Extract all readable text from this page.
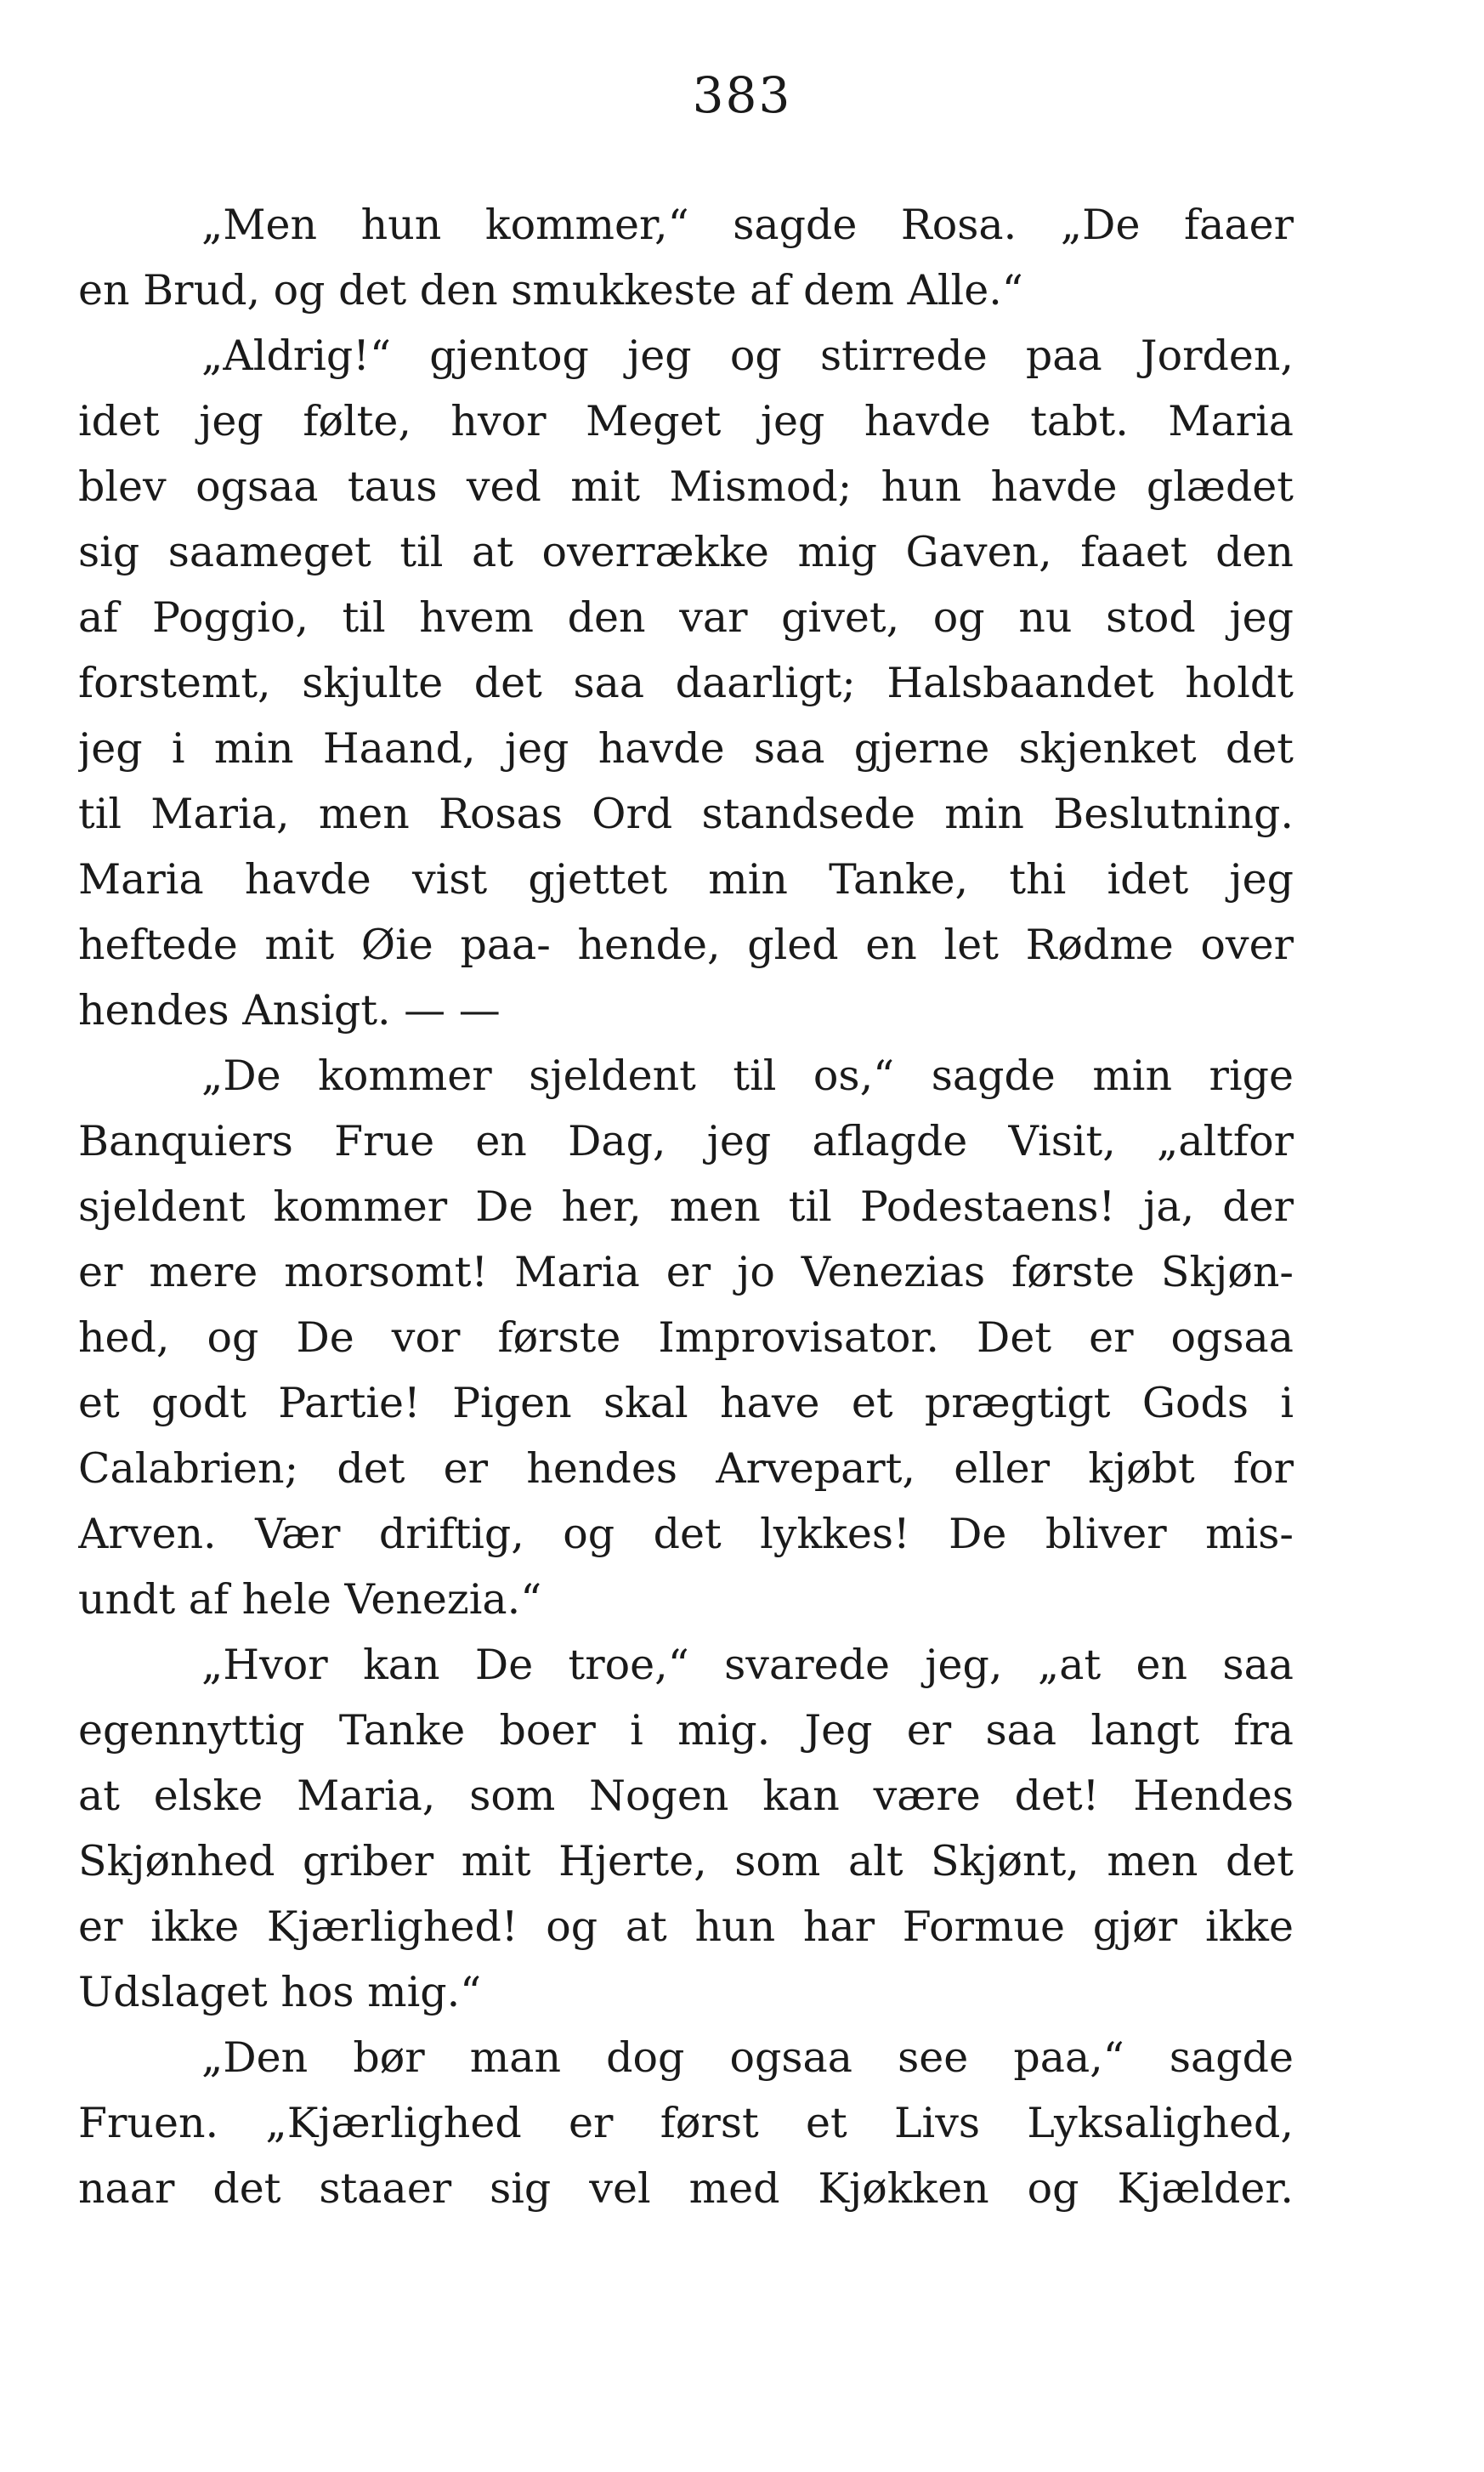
383
„Men hun kommer,“ sagde Rosa. „De faaer
en Brud, og det den smukkeste af dem Alle.“
„Aldrig!“ gjentog jeg og stirrede paa Jorden,
idet jeg følte, hvor Meget jeg havde tabt. Maria
blev ogsaa taus ved mit Mismod; hun havde glædet
sig saameget til at overrække mig Gaven, faaet den
af Poggio, til hvem den var givet, og nu stod jeg
forstemt, skjulte det saa daarligt; Halsbaandet holdt
jeg i min Haand, jeg havde saa gjerne skjenket det
til Maria, men Rosas Ord standsede min Beslutning.
Maria havde vist gjettet min Tanke, thi idet jeg
heftede mit Øie paa- hende, gled en let Rødme over
hendes Ansigt. — —
„De kommer sjeldent til os,“ sagde min rige
Banquiers Frue en Dag, jeg aflagde Visit, „altfor
sjeldent kommer De her, men til Podestaens! ja, der
er mere morsomt! Maria er jo Venezias første Skjøn-
hed, og De vor første Improvisator. Det er ogsaa
et godt Partie! Pigen skal have et prægtigt Gods i
Calabrien; det er hendes Arvepart, eller kjøbt for
Arven. Vær driftig, og det lykkes! De bliver mis-
undt af hele Venezia.“
„Hvor kan De troe,“ svarede jeg, „at en saa
egennyttig Tanke boer i mig. Jeg er saa langt fra
at elske Maria, som Nogen kan være det! Hendes
Skjønhed griber mit Hjerte, som alt Skjønt, men det
er ikke Kjærlighed! og at hun har Formue gjør ikke
Udslaget hos mig.“
„Den bør man dog ogsaa see paa,“ sagde
Fruen. „Kjærlighed er først et Livs Lyksalighed,
naar det staaer sig vel med Kjøkken og Kjælder.
